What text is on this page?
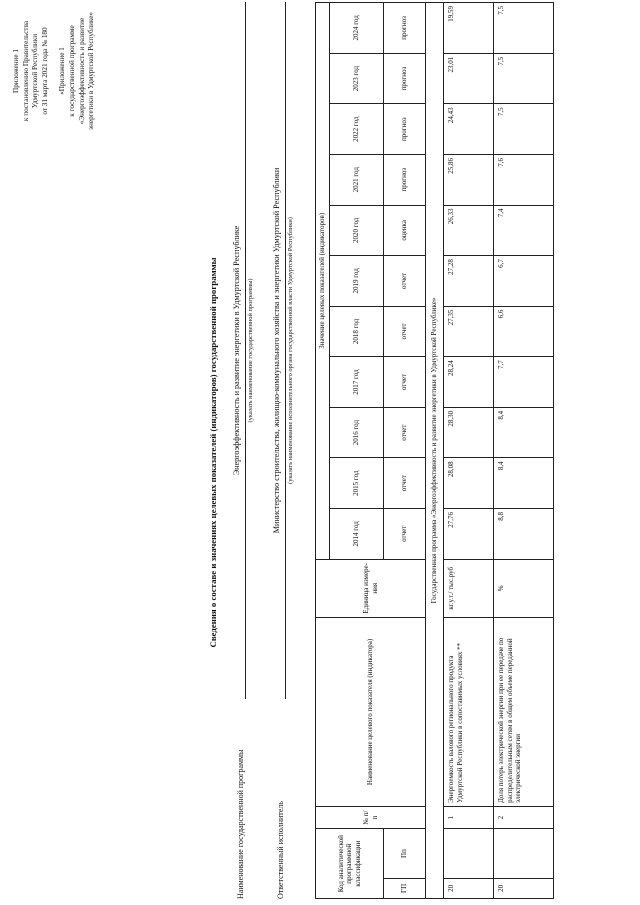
Приложение 1 к постановлению Правительства Удмуртской Республики от 31 марта 2021 года № 180 «Приложение 1 к государственной программе «Энергоэффективность и развитие энергетики в Удмуртской Республике»

Сведения о составе и значениях целевых показателей (индикаторов) государственной программы
Наименование государственной программы
Энергоэффективность и развитие энергетики в Удмуртской Республике (указать наименование государственной программы)
Ответственный исполнитель
Министерство строительства, жилищно-коммунального хозяйства и энергетики Удмуртской Республики (указать наименование исполнительного органа государственной власти Удмуртской Республики)
Код аналитической программной классификации		№ п/п	Наименование целевого показателя (индикатора)	Единица измере-ния	Значение целевых показателей (индикаторов)										
					2014 год	2015 год	2016 год	2017 год	2018 год	2019 год	2020 год	2021 год	2022 год	2023 год	2024 год
ГП	Пп				отчет	отчет	отчет	отчет	отчет	отчет	оценка	прогноз	прогноз	прогноз	прогноз
Государственная программа «Энергоэффективность и развитие энергетики в Удмуртской Республике»															
20		1	Энергоемкость валового регионального продукта Удмуртской Республики в сопоставимых условиях **	кг.у.т./ тыс.руб	27,76	28,08	28,30	28,24	27,35	27,28	26,33	25,86	24,43	23,01	19,59
20		2	Доля потерь электрической энергии при ее передаче по распределительным сетям в общем объеме переданной электрической энергии	%	8,8	8,4	8,4	7,7	6,6	6,7	7,4	7,6	7,5	7,5	7,5
